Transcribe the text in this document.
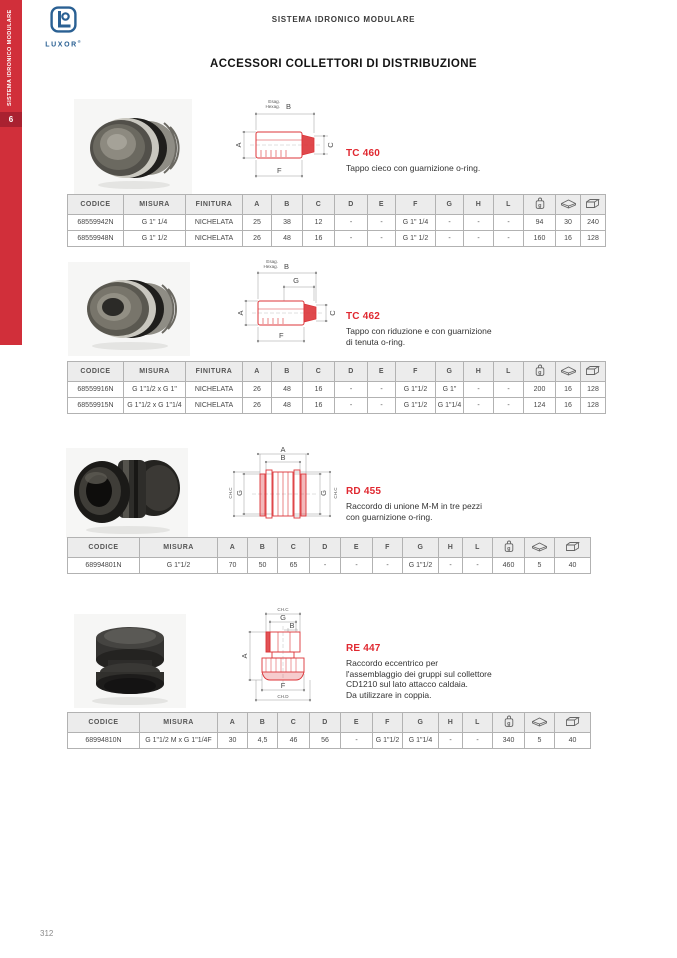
SISTEMA IDRONICO MODULARE
6
LUXOR®
SISTEMA IDRONICO MODULARE
ACCESSORI COLLETTORI DI DISTRIBUZIONE
Esag.
Hexag. B
A	C
F
TC 460
Tappo cieco con guarnizione o-ring.
CODICE	MISURA	FINITURA	A	B	C	D	E	F	G	H	L	g

68559942N	G 1" 1/4	NICHELATA	25	38	12	-	-	G 1" 1/4	-	-	-	94	30	240
68559948N	G 1" 1/2	NICHELATA	26	48	16	-	-	G 1" 1/2	-	-	-	160	16	128
Esag.
Hexag. B
G
A	C
F
TC 462
Tappo con riduzione e con guarnizione
di tenuta o-ring.
CODICE	MISURA	FINITURA	A	B	C	D	E	F	G	H	L	g

68559916N	G 1"1/2 x G 1"	NICHELATA	26	48	16	-	-	G 1"1/2	G 1"	-	-	200	16	128
68559915N	G 1"1/2 x G 1"1/4	NICHELATA	26	48	16	-	-	G 1"1/2	G 1"1/4	-	-	124	16	128
A
B
CH.C G	G CH.C RD 455
Raccordo di unione M-M in tre pezzi
con guarnizione o-ring.
CODICE	MISURA	A	B	C	D	E	F	G	H	L	g

68994801N	G 1"1/2	70	50	65	-	-	-	G 1"1/2	-	-	460	5	40
CH.C
G
B
A
F
CH.D
RE 447
Raccordo eccentrico per
l'assemblaggio dei gruppi sul collettore
CD1210 sul lato attacco caldaia.
Da utilizzare in coppia.
CODICE	MISURA	A	B	C	D	E	F	G	H	L	g

68994810N	G 1"1/2 M x G 1"1/4F	30	4,5	46	56	-	G 1"1/2	G 1"1/4	-	-	340	5	40
312
